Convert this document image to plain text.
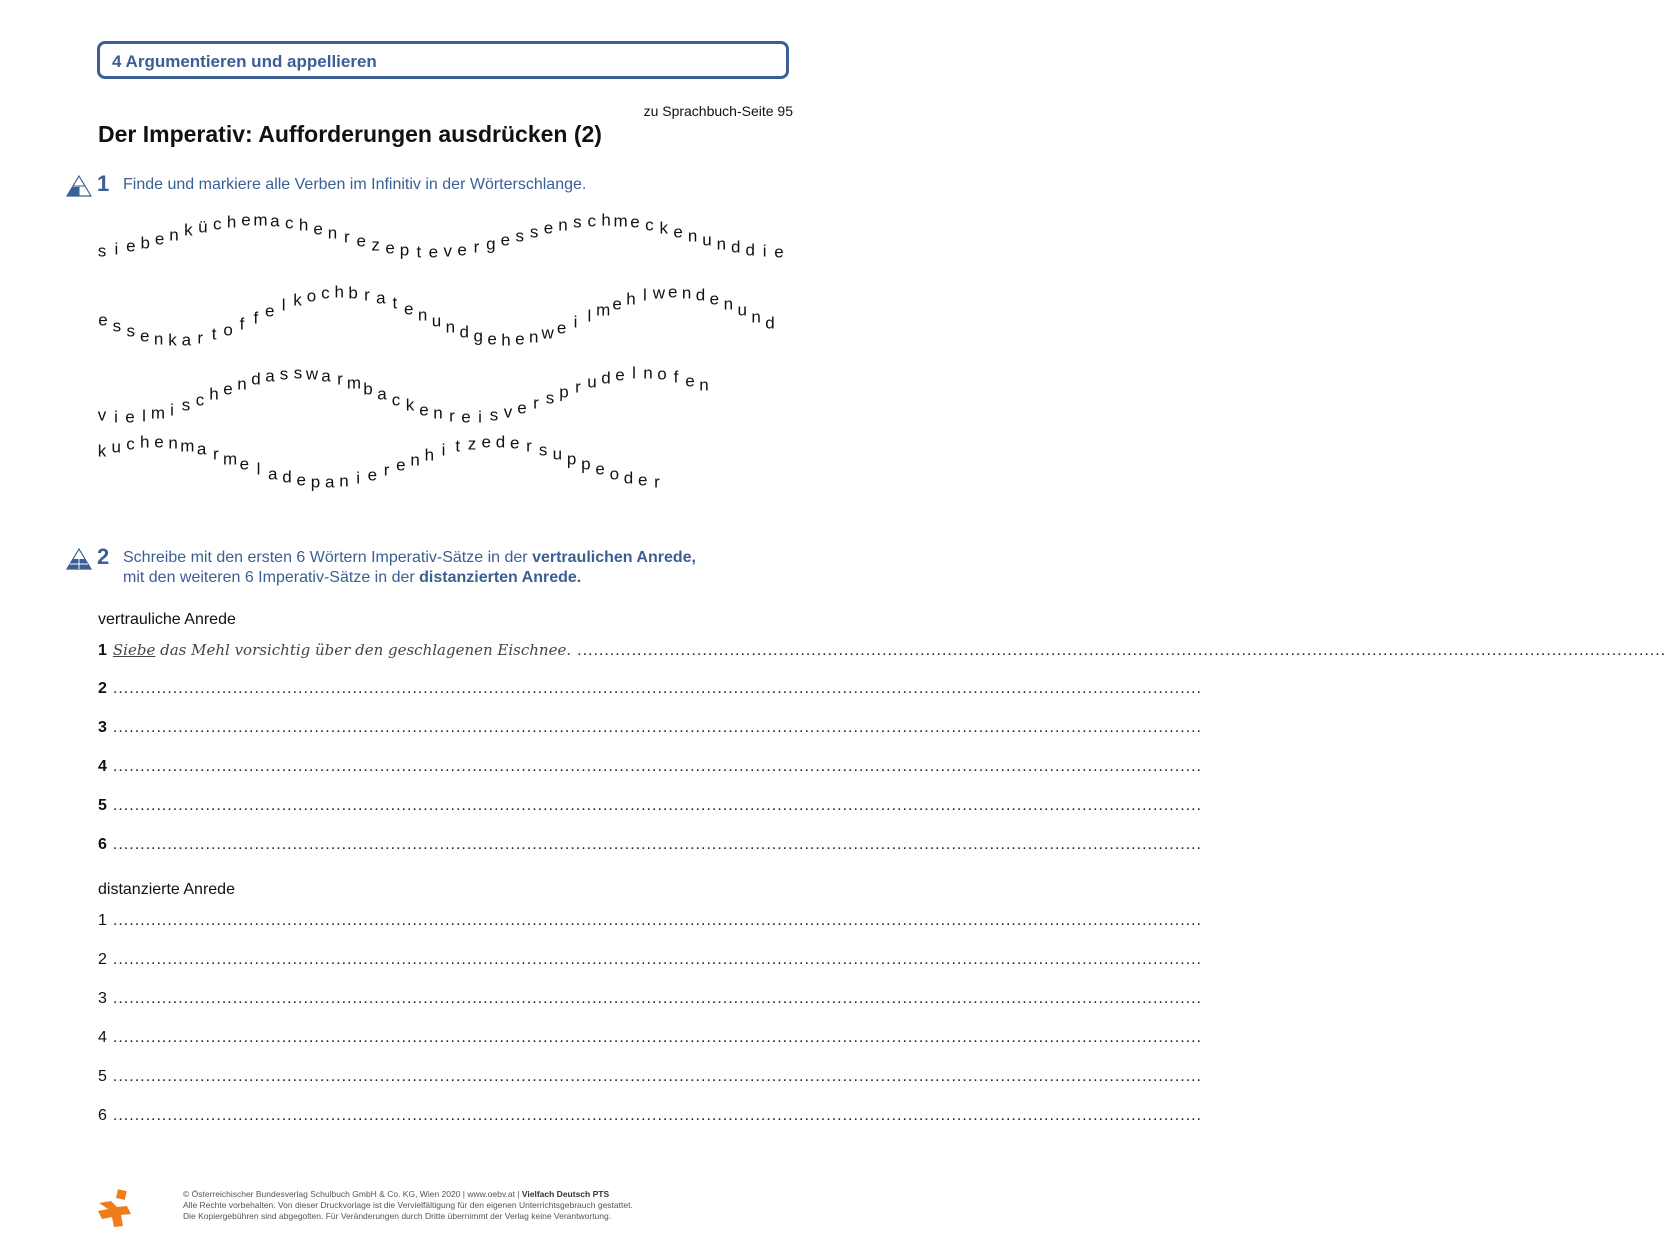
4 Argumentieren und appellieren
zu Sprachbuch-Seite 95
Der Imperativ: Aufforderungen ausdrücken (2)
1 Finde und markiere alle Verben im Infinitiv in der Wörterschlange.
s i e b e n k ü c h e m a c h e n r e z e p t e v e r g e s s e n s c h m e c k e n u n d d i e
e s s e n k a r t o f f e l k o c h b r a t e n u n d g e h e n w e i l m e h l w e n d e n u n d
v i e l m i s c h e n d a s s w a r m b a c k e n r e i s v e r s p r u d e l n o f e n
k u c h e n m a r m e l a d e p a n i e r e n h i t z e d e r s u p p e o d e r
2 Schreibe mit den ersten 6 Wörtern Imperativ-Sätze in der vertraulichen Anrede,
mit den weiteren 6 Imperativ-Sätze in der distanzierten Anrede.
vertrauliche Anrede
1 Siebe das Mehl vorsichtig über den geschlagenen Eischnee. ........................................................................................................................................................................................................
2 ........................................................................................................................................................................................................
3 ........................................................................................................................................................................................................
4 ........................................................................................................................................................................................................
5 ........................................................................................................................................................................................................
6 ........................................................................................................................................................................................................
distanzierte Anrede
1 ........................................................................................................................................................................................................
2 ........................................................................................................................................................................................................
3 ........................................................................................................................................................................................................
4 ........................................................................................................................................................................................................
5 ........................................................................................................................................................................................................
6 ........................................................................................................................................................................................................
© Österreichischer Bundesverlag Schulbuch GmbH & Co. KG, Wien 2020 | www.oebv.at | Vielfach Deutsch PTS
Alle Rechte vorbehalten. Von dieser Druckvorlage ist die Vervielfältigung für den eigenen Unterrichtsgebrauch gestattet.
Die Kopiergebühren sind abgegolten. Für Veränderungen durch Dritte übernimmt der Verlag keine Verantwortung.
